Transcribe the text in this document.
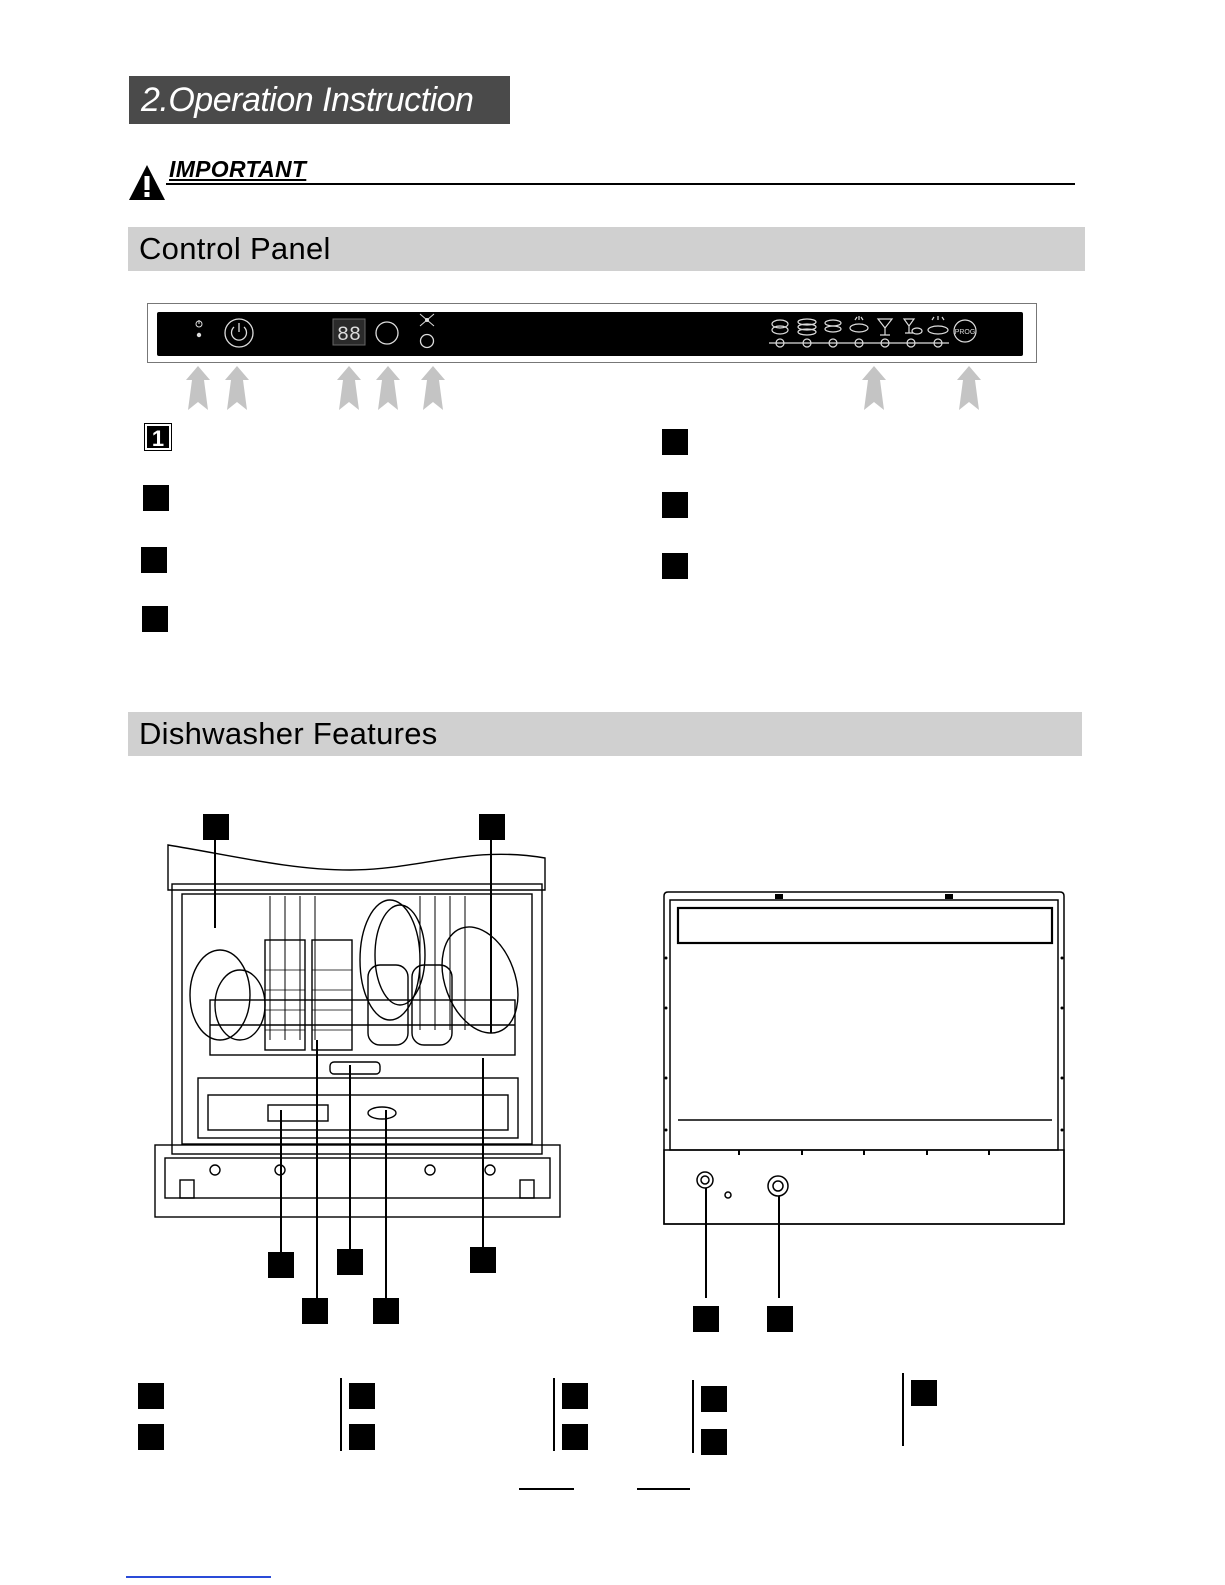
2.Operation Instruction
IMPORTANT
Control Panel
PROG
88
1
Dishwasher Features
